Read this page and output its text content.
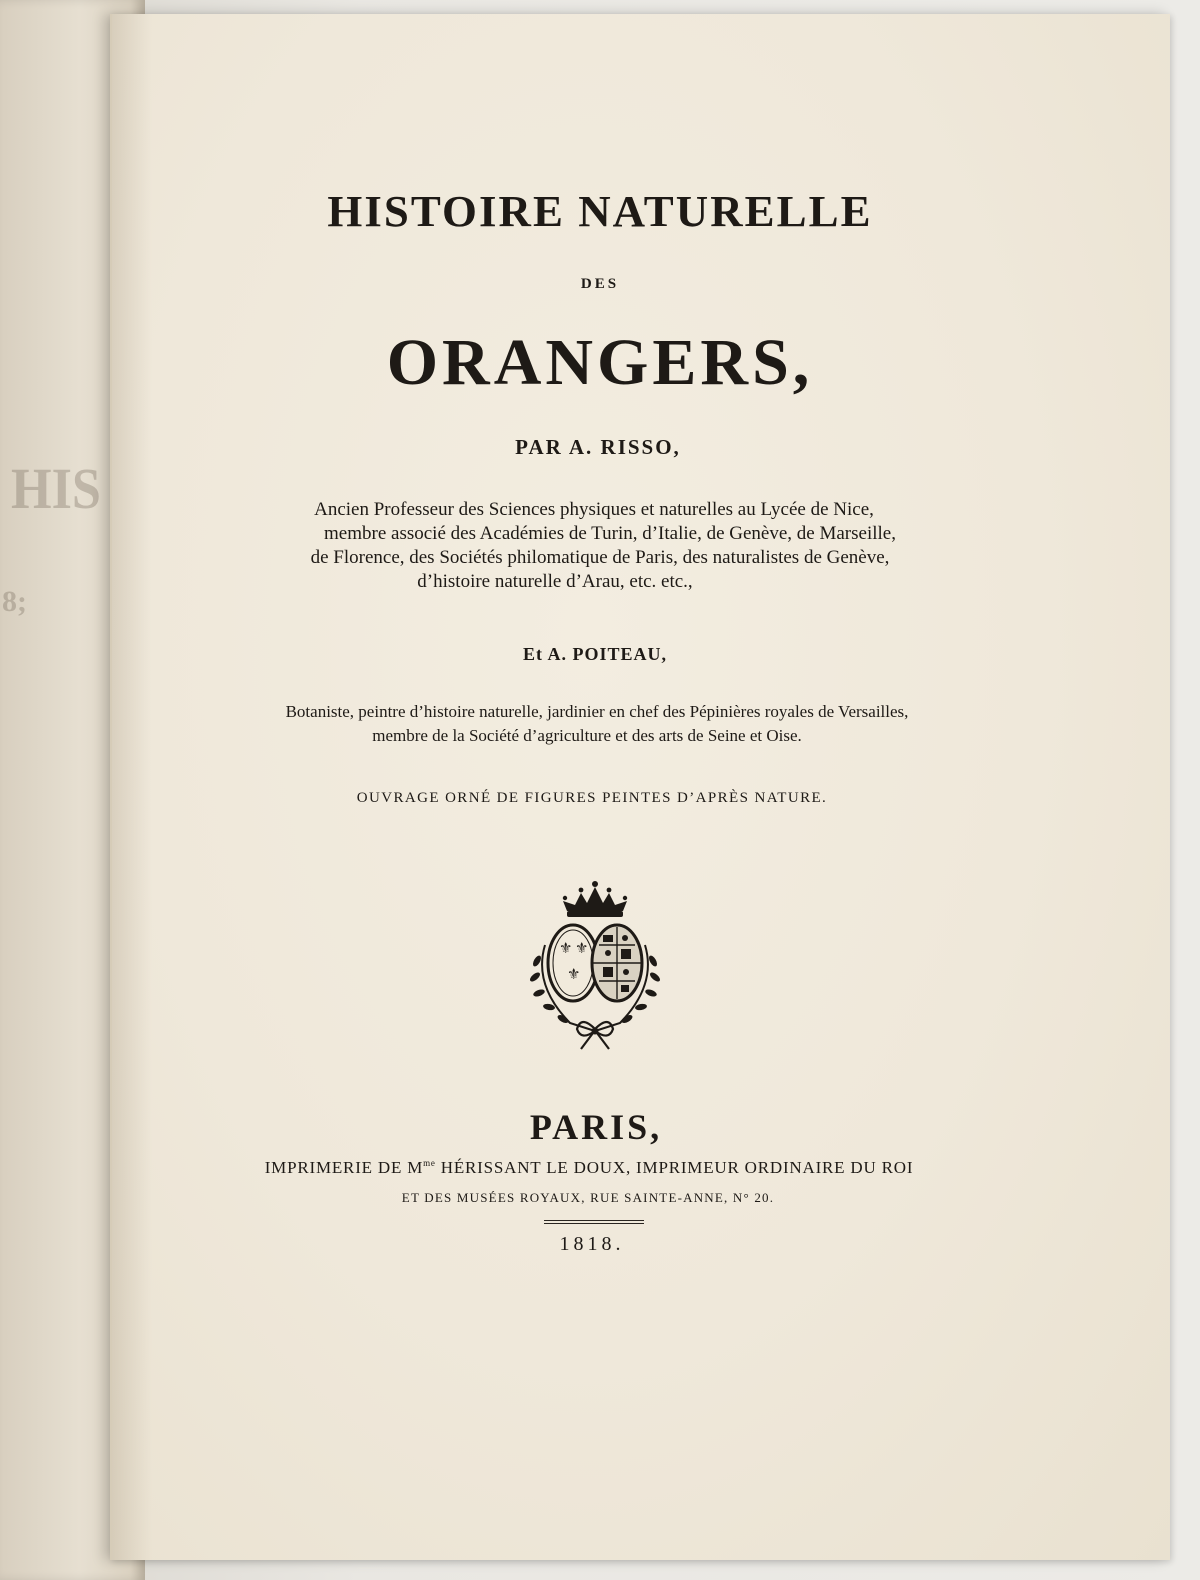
HIS
8;
HISTOIRE NATURELLE
DES
ORANGERS,
PAR A. RISSO,
Ancien Professeur des Sciences physiques et naturelles au Lycée de Nice,
membre associé des Académies de Turin, d’Italie, de Genève, de Marseille,
de Florence, des Sociétés philomatique de Paris, des naturalistes de Genève,
d’histoire naturelle d’Arau, etc. etc.,
Et A. POITEAU,
Botaniste, peintre d’histoire naturelle, jardinier en chef des Pépinières royales de Versailles,
membre de la Société d’agriculture et des arts de Seine et Oise.
OUVRAGE ORNÉ DE FIGURES PEINTES D’APRÈS NATURE.
⚜ ⚜
⚜
PARIS,
IMPRIMERIE DE $M^{me}$ HÉRISSANT LE DOUX, IMPRIMEUR ORDINAIRE DU ROI
ET DES MUSÉES ROYAUX, RUE SAINTE-ANNE, N° 20.
1818.
